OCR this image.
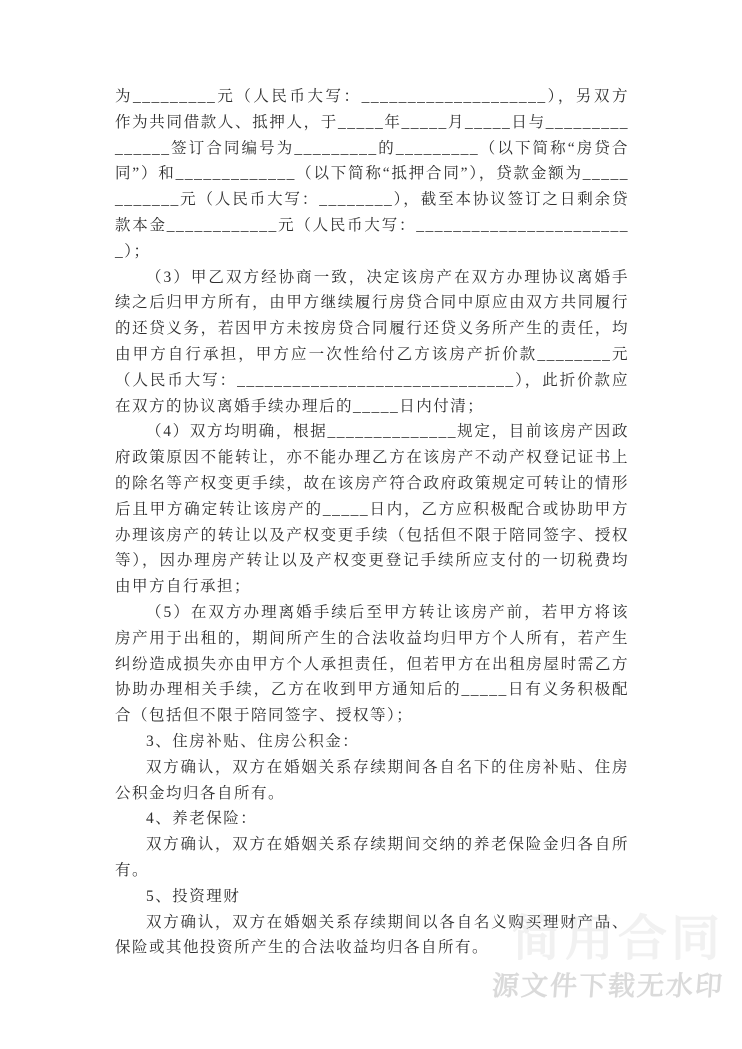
简用合同
源文件下载无水印

为_________元（人民币大写：____________________），另双方作为共同借款人、抵押人，于_____年_____月_____日与_______________签订合同编号为_________的_________（以下简称“房贷合同”）和_____________（以下简称“抵押合同”），贷款金额为____________元（人民币大写：________），截至本协议签订之日剩余贷款本金____________元（人民币大写：________________________）；

（3）甲乙双方经协商一致，决定该房产在双方办理协议离婚手续之后归甲方所有，由甲方继续履行房贷合同中原应由双方共同履行的还贷义务，若因甲方未按房贷合同履行还贷义务所产生的责任，均由甲方自行承担，甲方应一次性给付乙方该房产折价款________元（人民币大写：______________________________），此折价款应在双方的协议离婚手续办理后的_____日内付清；

（4）双方均明确，根据______________规定，目前该房产因政府政策原因不能转让，亦不能办理乙方在该房产不动产权登记证书上的除名等产权变更手续，故在该房产符合政府政策规定可转让的情形后且甲方确定转让该房产的_____日内，乙方应积极配合或协助甲方办理该房产的转让以及产权变更手续（包括但不限于陪同签字、授权等），因办理房产转让以及产权变更登记手续所应支付的一切税费均由甲方自行承担；

（5）在双方办理离婚手续后至甲方转让该房产前，若甲方将该房产用于出租的，期间所产生的合法收益均归甲方个人所有，若产生纠纷造成损失亦由甲方个人承担责任，但若甲方在出租房屋时需乙方协助办理相关手续，乙方在收到甲方通知后的_____日有义务积极配合（包括但不限于陪同签字、授权等）；

3、住房补贴、住房公积金：

双方确认，双方在婚姻关系存续期间各自名下的住房补贴、住房公积金均归各自所有。

4、养老保险：

双方确认，双方在婚姻关系存续期间交纳的养老保险金归各自所有。

5、投资理财

双方确认，双方在婚姻关系存续期间以各自名义购买理财产品、保险或其他投资所产生的合法收益均归各自所有。
